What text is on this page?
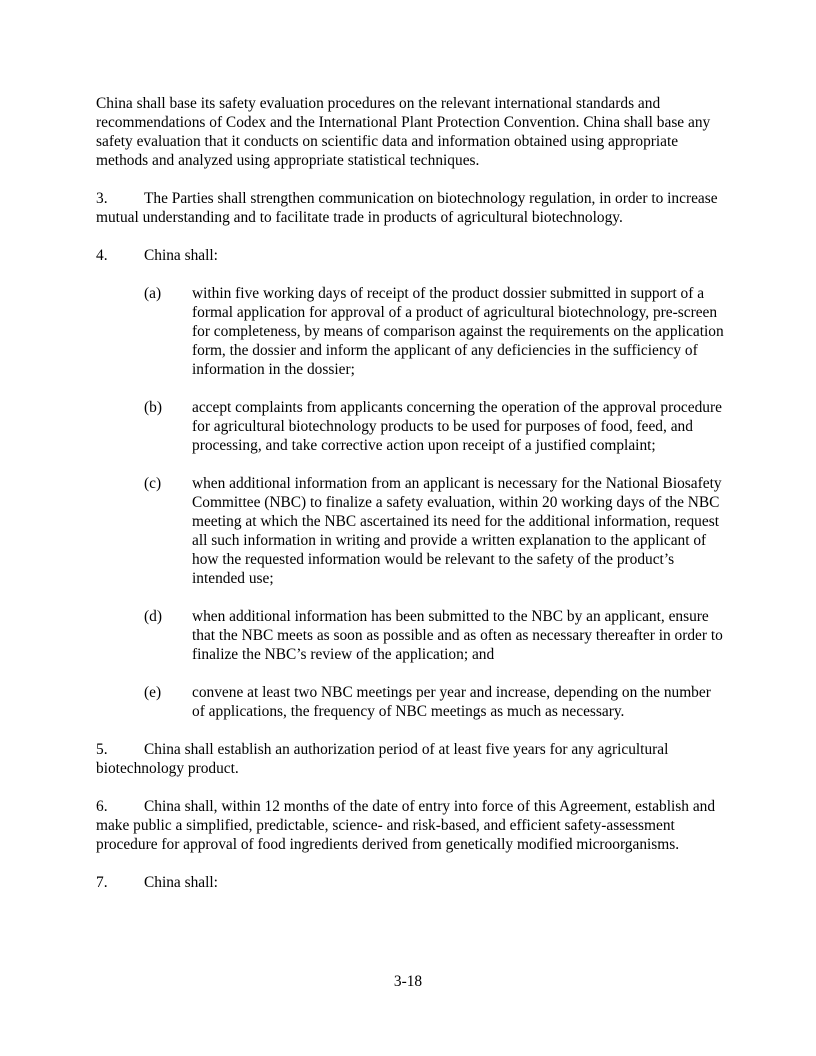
China shall base its safety evaluation procedures on the relevant international standards and recommendations of Codex and the International Plant Protection Convention. China shall base any safety evaluation that it conducts on scientific data and information obtained using appropriate methods and analyzed using appropriate statistical techniques.

3. The Parties shall strengthen communication on biotechnology regulation, in order to increase mutual understanding and to facilitate trade in products of agricultural biotechnology.

4. China shall:

(a)	within five working days of receipt of the product dossier submitted in support of a formal application for approval of a product of agricultural biotechnology, pre-screen for completeness, by means of comparison against the requirements on the application form, the dossier and inform the applicant of any deficiencies in the sufficiency of information in the dossier;
(b)	accept complaints from applicants concerning the operation of the approval procedure for agricultural biotechnology products to be used for purposes of food, feed, and processing, and take corrective action upon receipt of a justified complaint;
(c)	when additional information from an applicant is necessary for the National Biosafety Committee (NBC) to finalize a safety evaluation, within 20 working days of the NBC meeting at which the NBC ascertained its need for the additional information, request all such information in writing and provide a written explanation to the applicant of how the requested information would be relevant to the safety of the product’s intended use;
(d)	when additional information has been submitted to the NBC by an applicant, ensure that the NBC meets as soon as possible and as often as necessary thereafter in order to finalize the NBC’s review of the application; and
(e)	convene at least two NBC meetings per year and increase, depending on the number of applications, the frequency of NBC meetings as much as necessary.

5. China shall establish an authorization period of at least five years for any agricultural biotechnology product.

6. China shall, within 12 months of the date of entry into force of this Agreement, establish and make public a simplified, predictable, science- and risk-based, and efficient safety-assessment procedure for approval of food ingredients derived from genetically modified microorganisms.

7. China shall:

3-18
